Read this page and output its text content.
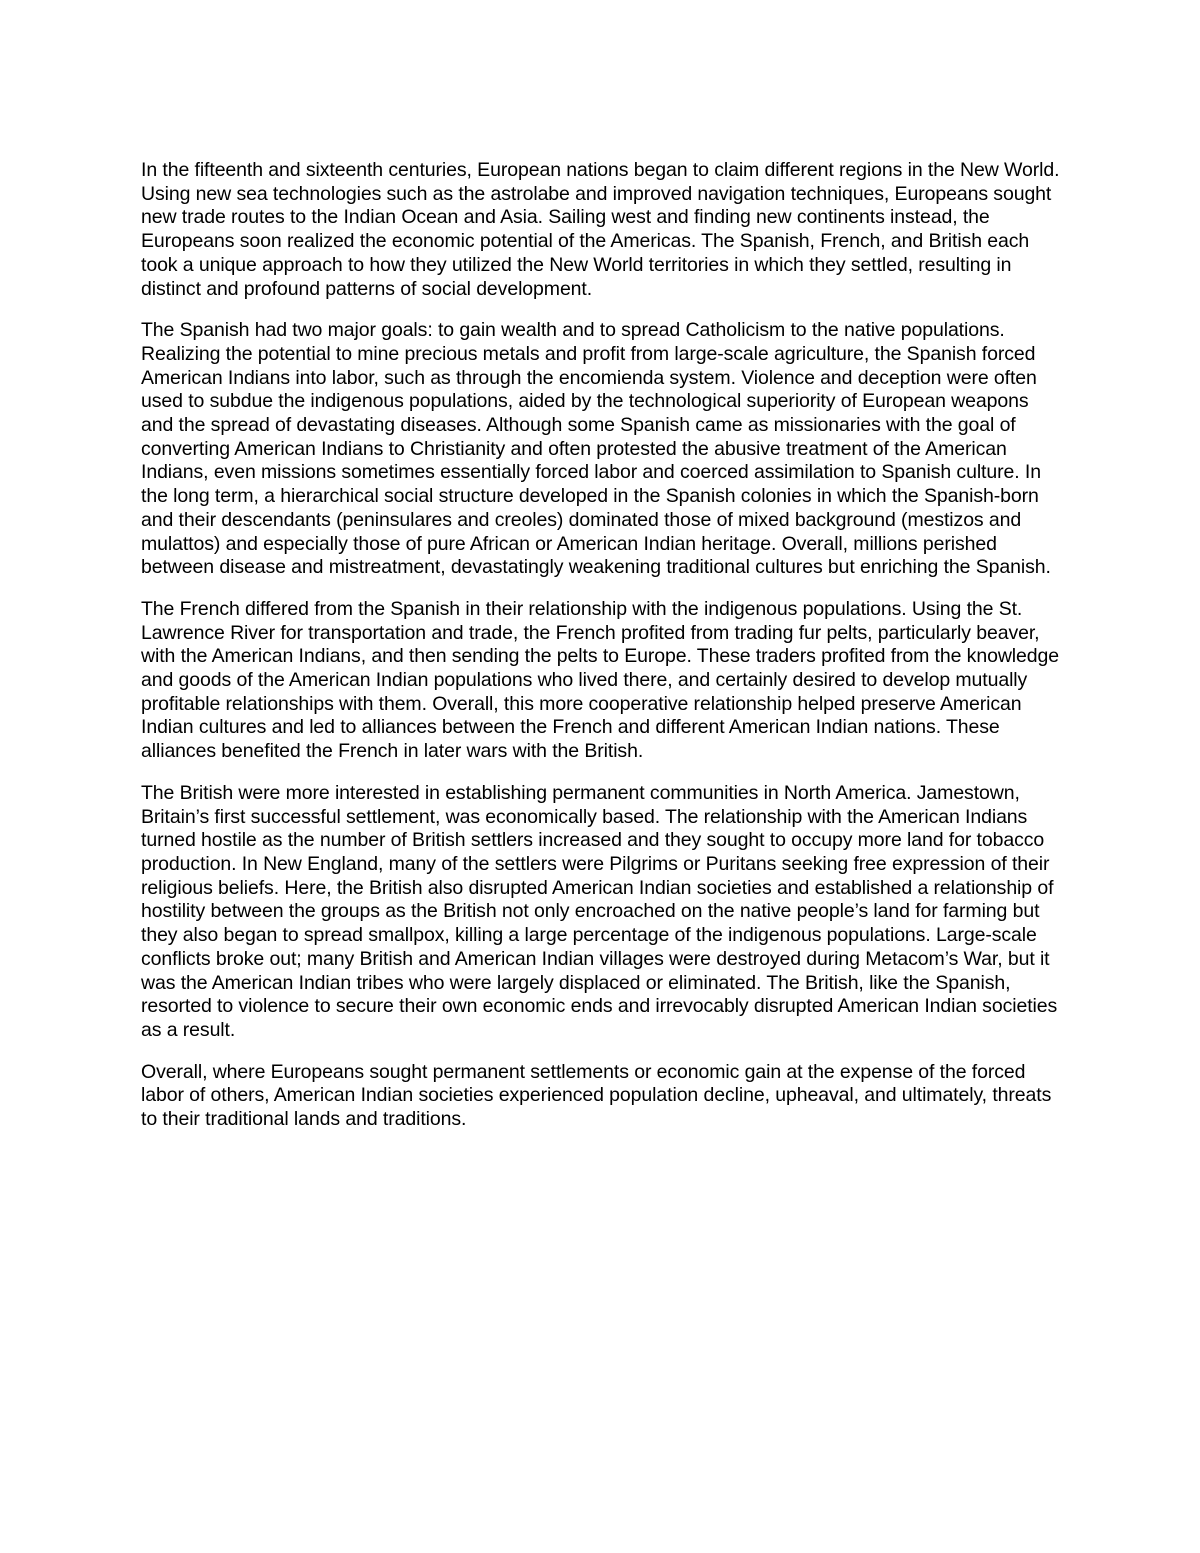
In the fifteenth and sixteenth centuries, European nations began to claim different regions in the New World. Using new sea technologies such as the astrolabe and improved navigation techniques, Europeans sought new trade routes to the Indian Ocean and Asia. Sailing west and finding new continents instead, the Europeans soon realized the economic potential of the Americas. The Spanish, French, and British each took a unique approach to how they utilized the New World territories in which they settled, resulting in distinct and profound patterns of social development.

The Spanish had two major goals: to gain wealth and to spread Catholicism to the native populations. Realizing the potential to mine precious metals and profit from large-scale agriculture, the Spanish forced American Indians into labor, such as through the encomienda system. Violence and deception were often used to subdue the indigenous populations, aided by the technological superiority of European weapons and the spread of devastating diseases. Although some Spanish came as missionaries with the goal of converting American Indians to Christianity and often protested the abusive treatment of the American Indians, even missions sometimes essentially forced labor and coerced assimilation to Spanish culture. In the long term, a hierarchical social structure developed in the Spanish colonies in which the Spanish-born and their descendants (peninsulares and creoles) dominated those of mixed background (mestizos and mulattos) and especially those of pure African or American Indian heritage. Overall, millions perished between disease and mistreatment, devastatingly weakening traditional cultures but enriching the Spanish.

The French differed from the Spanish in their relationship with the indigenous populations. Using the St. Lawrence River for transportation and trade, the French profited from trading fur pelts, particularly beaver, with the American Indians, and then sending the pelts to Europe. These traders profited from the knowledge and goods of the American Indian populations who lived there, and certainly desired to develop mutually profitable relationships with them. Overall, this more cooperative relationship helped preserve American Indian cultures and led to alliances between the French and different American Indian nations. These alliances benefited the French in later wars with the British.

The British were more interested in establishing permanent communities in North America. Jamestown, Britain’s first successful settlement, was economically based. The relationship with the American Indians turned hostile as the number of British settlers increased and they sought to occupy more land for tobacco production. In New England, many of the settlers were Pilgrims or Puritans seeking free expression of their religious beliefs. Here, the British also disrupted American Indian societies and established a relationship of hostility between the groups as the British not only encroached on the native people’s land for farming but they also began to spread smallpox, killing a large percentage of the indigenous populations. Large-scale conflicts broke out; many British and American Indian villages were destroyed during Metacom’s War, but it was the American Indian tribes who were largely displaced or eliminated. The British, like the Spanish, resorted to violence to secure their own economic ends and irrevocably disrupted American Indian societies as a result.

Overall, where Europeans sought permanent settlements or economic gain at the expense of the forced labor of others, American Indian societies experienced population decline, upheaval, and ultimately, threats to their traditional lands and traditions.
